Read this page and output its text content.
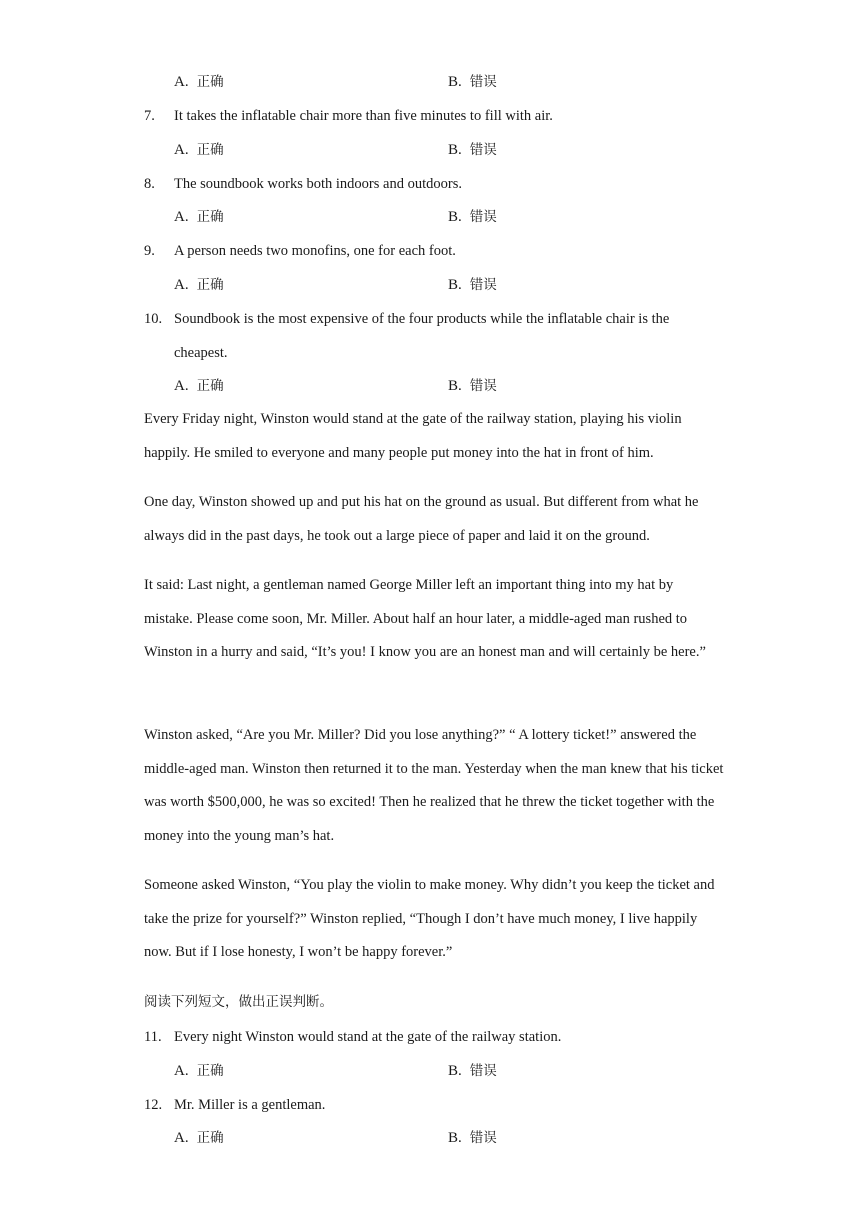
A. 正确	B. 错误
7. It takes the inflatable chair more than five minutes to fill with air.
A. 正确	B. 错误
8. The soundbook works both indoors and outdoors.
A. 正确	B. 错误
9. A person needs two monofins, one for each foot.
A. 正确	B. 错误
10. Soundbook is the most expensive of the four products while the inflatable chair is the cheapest.
A. 正确	B. 错误
Every Friday night, Winston would stand at the gate of the railway station, playing his violin happily. He smiled to everyone and many people put money into the hat in front of him.
One day, Winston showed up and put his hat on the ground as usual. But different from what he always did in the past days, he took out a large piece of paper and laid it on the ground.
It said: Last night, a gentleman named George Miller left an important thing into my hat by mistake. Please come soon, Mr. Miller. About half an hour later, a middle-aged man rushed to Winston in a hurry and said, “It’s you! I know you are an honest man and will certainly be here.”
Winston asked, “Are you Mr. Miller? Did you lose anything?” “ A lottery ticket!” answered the middle-aged man. Winston then returned it to the man. Yesterday when the man knew that his ticket was worth $500,000, he was so excited! Then he realized that he threw the ticket together with the money into the young man’s hat.
Someone asked Winston, “You play the violin to make money. Why didn’t you keep the ticket and take the prize for yourself?” Winston replied, “Though I don’t have much money, I live happily now. But if I lose honesty, I won’t be happy forever.”
阅读下列短文，做出正误判断。
11. Every night Winston would stand at the gate of the railway station.
A. 正确	B. 错误
12. Mr. Miller is a gentleman.
A. 正确	B. 错误
